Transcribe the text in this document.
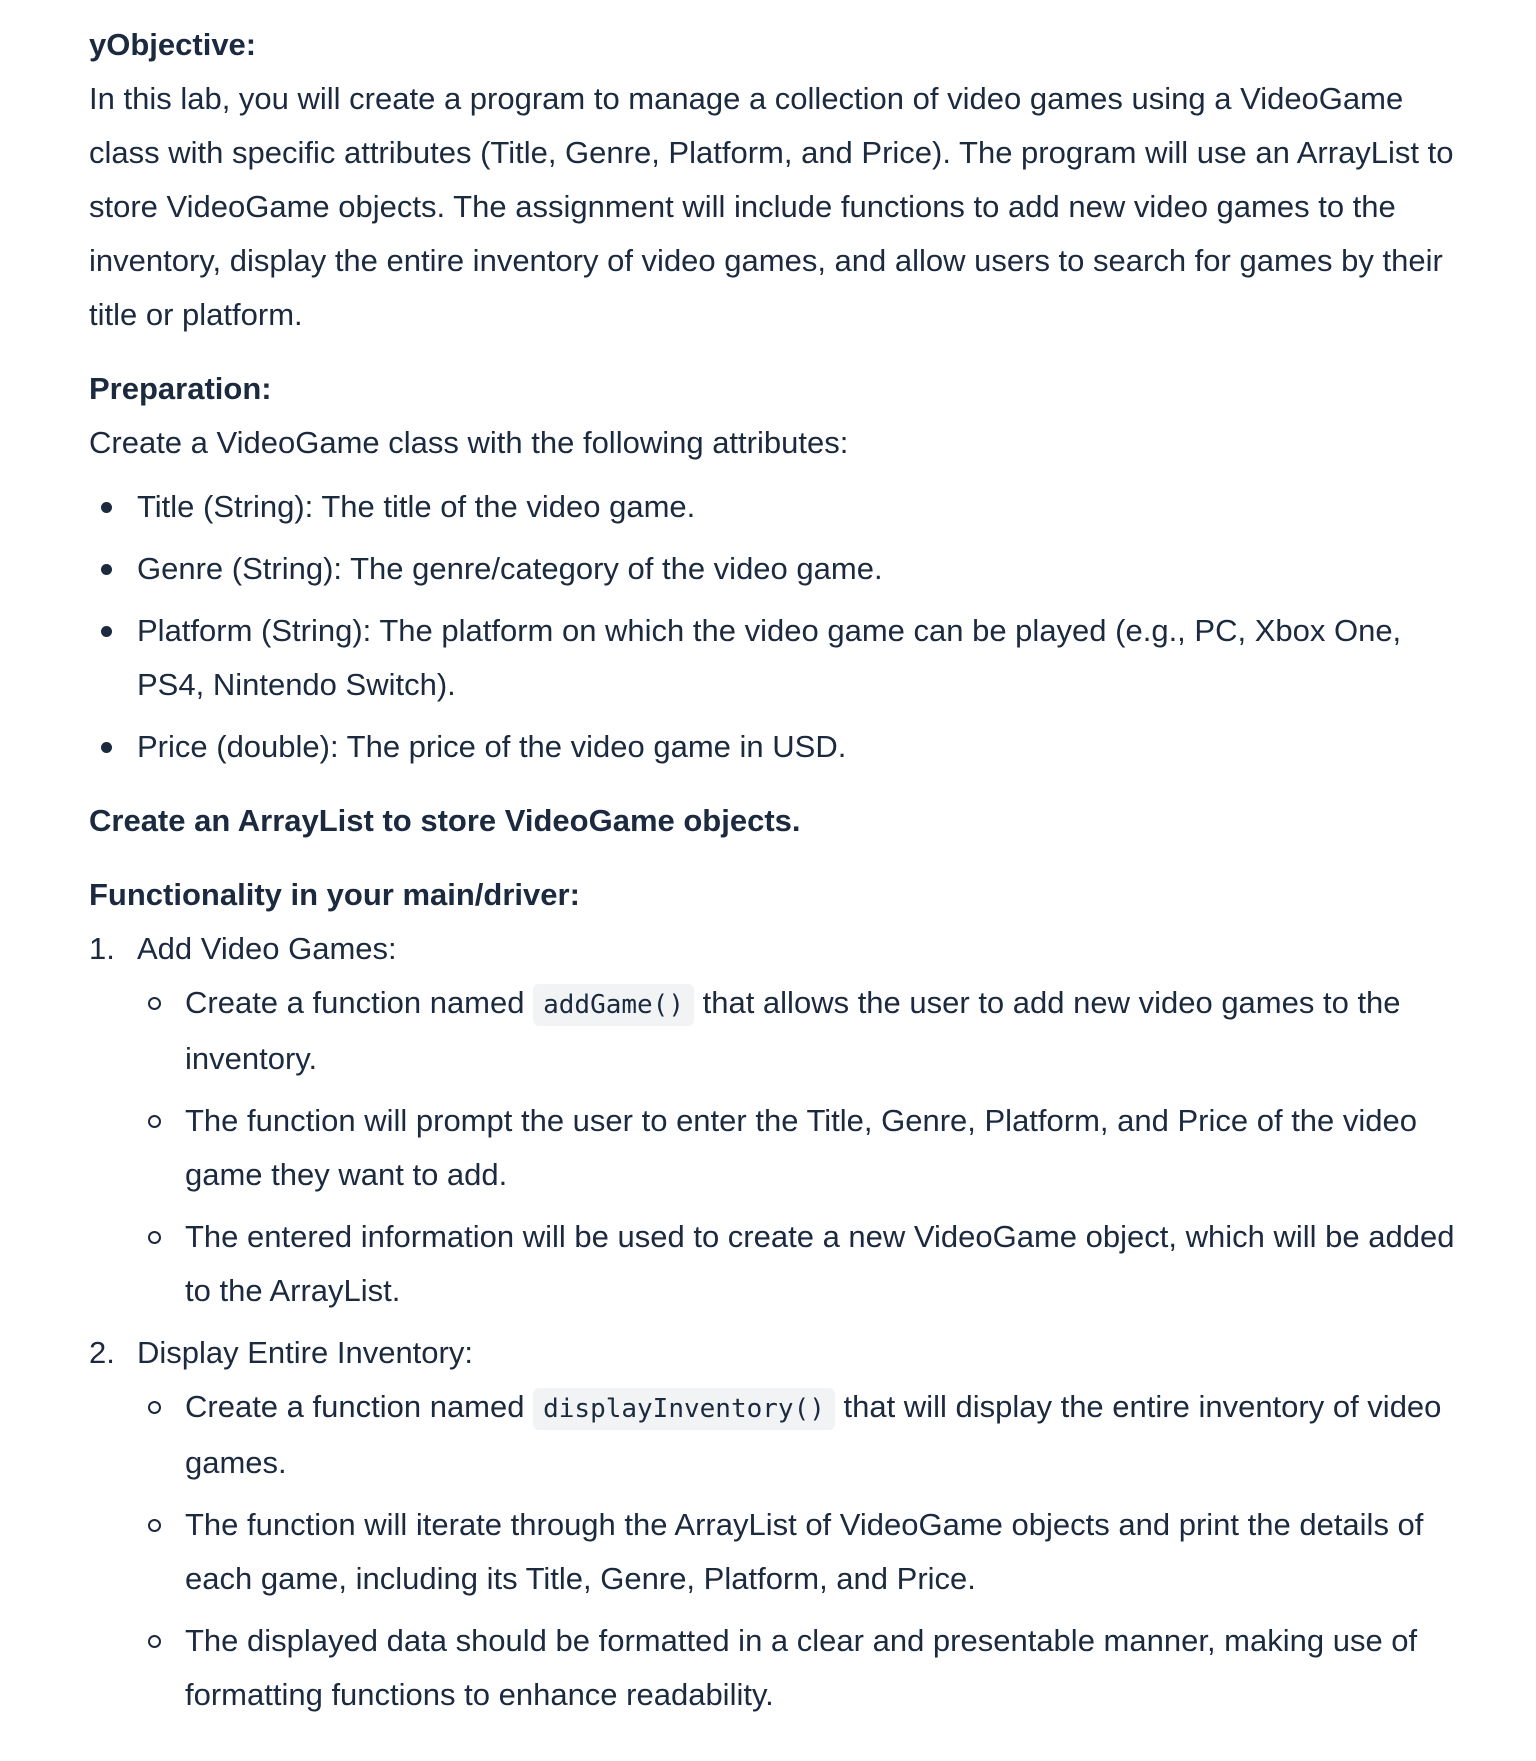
yObjective:

In this lab, you will create a program to manage a collection of video games using a VideoGame class with specific attributes (Title, Genre, Platform, and Price). The program will use an ArrayList to store VideoGame objects. The assignment will include functions to add new video games to the inventory, display the entire inventory of video games, and allow users to search for games by their title or platform.

Preparation:

Create a VideoGame class with the following attributes:

Title (String): The title of the video game.
Genre (String): The genre/category of the video game.
Platform (String): The platform on which the video game can be played (e.g., PC, Xbox One, PS4, Nintendo Switch).
Price (double): The price of the video game in USD.

Create an ArrayList to store VideoGame objects.

Functionality in your main/driver:

1. Add Video Games:
Create a function named addGame() that allows the user to add new video games to the inventory.
The function will prompt the user to enter the Title, Genre, Platform, and Price of the video game they want to add.
The entered information will be used to create a new VideoGame object, which will be added to the ArrayList.
2. Display Entire Inventory:
Create a function named displayInventory() that will display the entire inventory of video games.
The function will iterate through the ArrayList of VideoGame objects and print the details of each game, including its Title, Genre, Platform, and Price.
The displayed data should be formatted in a clear and presentable manner, making use of formatting functions to enhance readability.
